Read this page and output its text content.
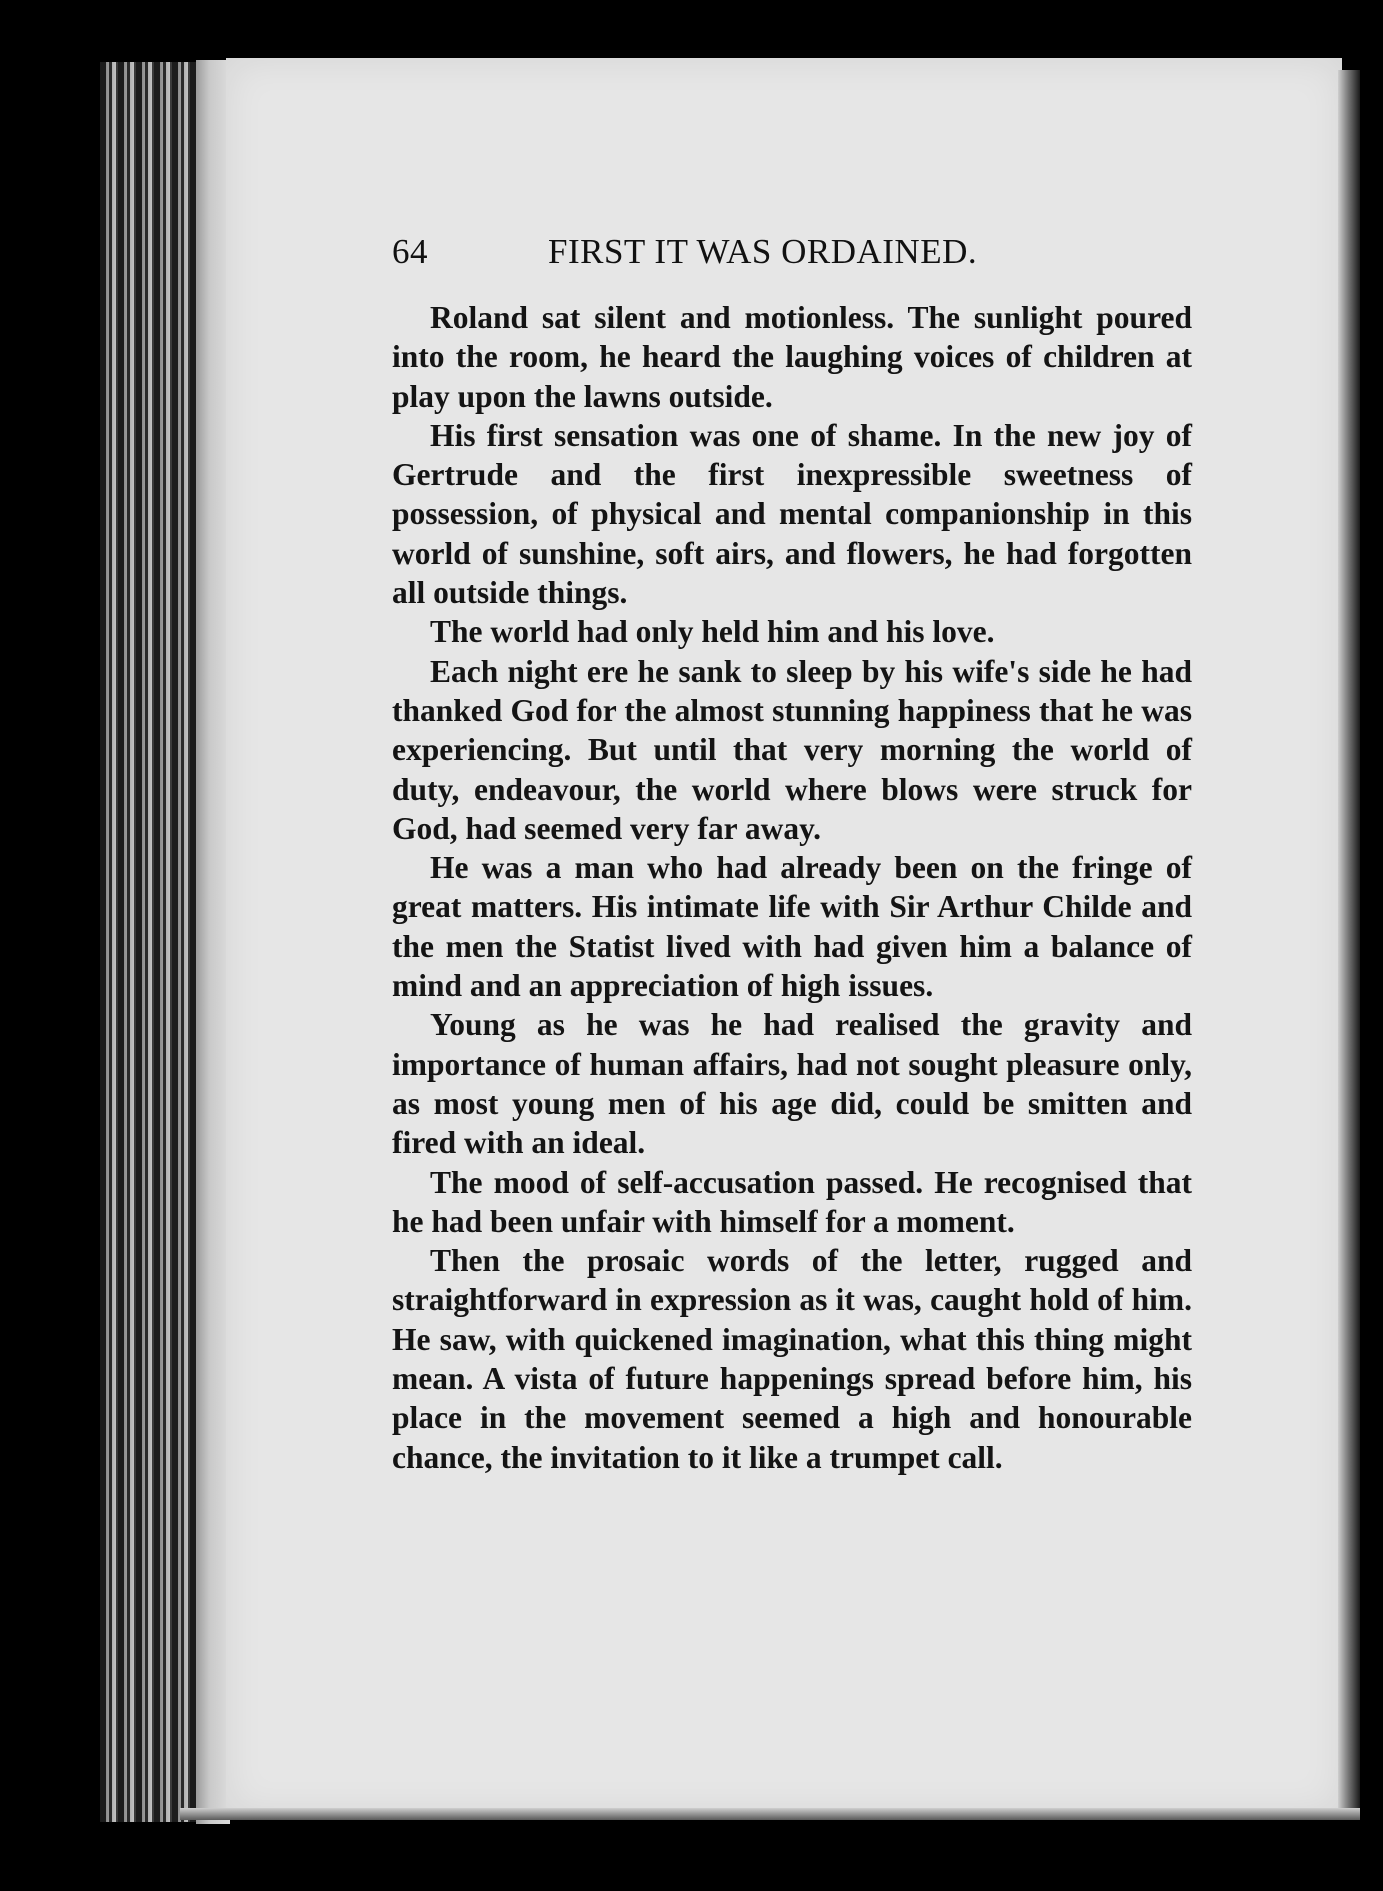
64	FIRST IT WAS ORDAINED.

Roland sat silent and motionless. The sunlight poured into the room, he heard the laughing voices of children at play upon the lawns outside.

His first sensation was one of shame. In the new joy of Gertrude and the first inexpressible sweetness of possession, of physical and mental companionship in this world of sunshine, soft airs, and flowers, he had forgotten all outside things.

The world had only held him and his love.

Each night ere he sank to sleep by his wife's side he had thanked God for the almost stunning happiness that he was experiencing. But until that very morning the world of duty, endeavour, the world where blows were struck for God, had seemed very far away.

He was a man who had already been on the fringe of great matters. His intimate life with Sir Arthur Childe and the men the Statist lived with had given him a balance of mind and an appreciation of high issues.

Young as he was he had realised the gravity and importance of human affairs, had not sought pleasure only, as most young men of his age did, could be smitten and fired with an ideal.

The mood of self-accusation passed. He recognised that he had been unfair with himself for a moment.

Then the prosaic words of the letter, rugged and straightforward in expression as it was, caught hold of him. He saw, with quickened imagination, what this thing might mean. A vista of future happenings spread before him, his place in the movement seemed a high and honourable chance, the invitation to it like a trumpet call.
